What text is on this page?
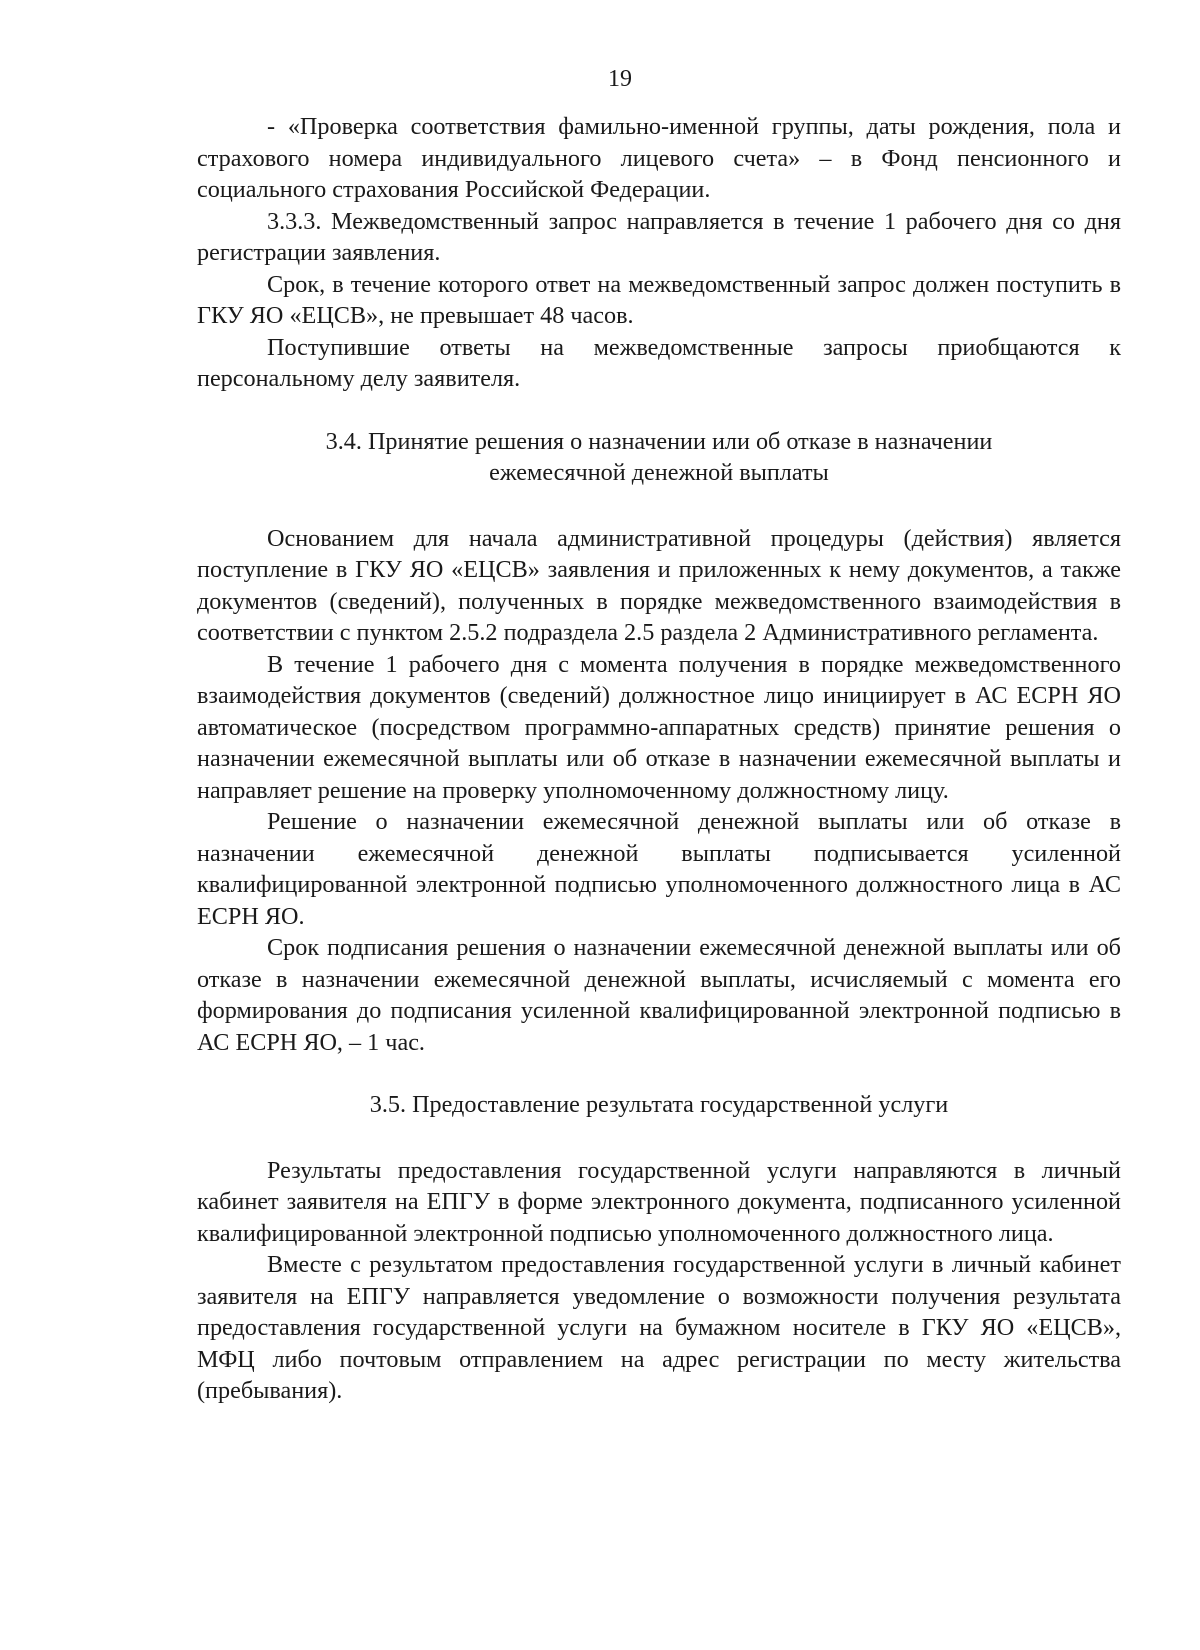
19

- «Проверка соответствия фамильно-именной группы, даты рождения, пола и страхового номера индивидуального лицевого счета» – в Фонд пенсионного и социального страхования Российской Федерации.

3.3.3. Межведомственный запрос направляется в течение 1 рабочего дня со дня регистрации заявления.

Срок, в течение которого ответ на межведомственный запрос должен поступить в ГКУ ЯО «ЕЦСВ», не превышает 48 часов.

Поступившие ответы на межведомственные запросы приобщаются к персональному делу заявителя.

3.4. Принятие решения о назначении или об отказе в назначении
ежемесячной денежной выплаты

Основанием для начала административной процедуры (действия) является поступление в ГКУ ЯО «ЕЦСВ» заявления и приложенных к нему документов, а также документов (сведений), полученных в порядке межведомственного взаимодействия в соответствии с пунктом 2.5.2 подраздела 2.5 раздела 2 Административного регламента.

В течение 1 рабочего дня с момента получения в порядке межведомственного взаимодействия документов (сведений) должностное лицо инициирует в АС ЕСРН ЯО автоматическое (посредством программно-аппаратных средств) принятие решения о назначении ежемесячной выплаты или об отказе в назначении ежемесячной выплаты и направляет решение на проверку уполномоченному должностному лицу.

Решение о назначении ежемесячной денежной выплаты или об отказе в назначении ежемесячной денежной выплаты подписывается усиленной квалифицированной электронной подписью уполномоченного должностного лица в АС ЕСРН ЯО.

Срок подписания решения о назначении ежемесячной денежной выплаты или об отказе в назначении ежемесячной денежной выплаты, исчисляемый с момента его формирования до подписания усиленной квалифицированной электронной подписью в АС ЕСРН ЯО, – 1 час.

3.5. Предоставление результата государственной услуги

Результаты предоставления государственной услуги направляются в личный кабинет заявителя на ЕПГУ в форме электронного документа, подписанного усиленной квалифицированной электронной подписью уполномоченного должностного лица.

Вместе с результатом предоставления государственной услуги в личный кабинет заявителя на ЕПГУ направляется уведомление о возможности получения результата предоставления государственной услуги на бумажном носителе в ГКУ ЯО «ЕЦСВ», МФЦ либо почтовым отправлением на адрес регистрации по месту жительства (пребывания).
